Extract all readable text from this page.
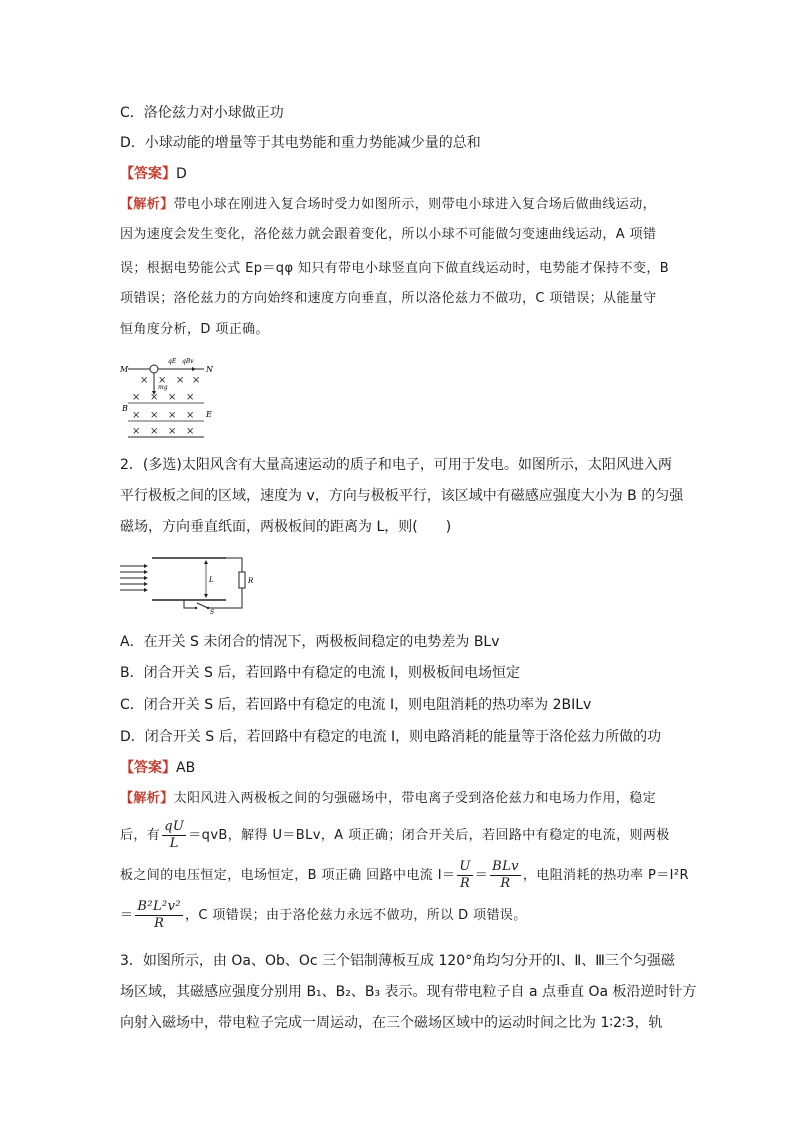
C．洛伦兹力对小球做正功
D．小球动能的增量等于其电势能和重力势能减少量的总和
【答案】D
【解析】带电小球在刚进入复合场时受力如图所示，则带电小球进入复合场后做曲线运动，
因为速度会发生变化，洛伦兹力就会跟着变化，所以小球不可能做匀变速曲线运动，A 项错
误；根据电势能公式 Ep＝qφ 知只有带电小球竖直向下做直线运动时，电势能才保持不变，B
项错误；洛伦兹力的方向始终和速度方向垂直，所以洛伦兹力不做功，C 项错误；从能量守
恒角度分析，D 项正确。
M	N
B
E
qE qBv
mg
× × × ×
× × × ×
× × × ×
× × × ×
2．(多选)太阳风含有大量高速运动的质子和电子，可用于发电。如图所示，太阳风进入两
平行极板之间的区域，速度为 v，方向与极板平行，该区域中有磁感应强度大小为 B 的匀强
磁场，方向垂直纸面，两极板间的距离为 L，则(　　)
L	R
S
A．在开关 S 未闭合的情况下，两极板间稳定的电势差为 BLv
B．闭合开关 S 后，若回路中有稳定的电流 I，则极板间电场恒定
C．闭合开关 S 后，若回路中有稳定的电流 I，则电阻消耗的热功率为 2BILv
D．闭合开关 S 后，若回路中有稳定的电流 I，则电路消耗的能量等于洛伦兹力所做的功
【答案】AB
【解析】太阳风进入两极板之间的匀强磁场中，带电离子受到洛伦兹力和电场力作用，稳定
后，有 $\frac{qU}{L} =qvB$，解得 U＝BLv，A 项正确；闭合开关后，若回路中有稳定的电流，则两极
板之间的电压恒定，电场恒定，B 项正确 回路中电流 $I= \frac{U}{R} = \frac{\text{BLv}}{R}$ ，电阻消耗的热功率 P＝I²R
＝ $\frac{\text{B²L²v²}}{R}$ ，C 项错误；由于洛伦兹力永远不做功，所以 D 项错误。
3．如图所示，由 Oa、Ob、Oc 三个铝制薄板互成 120°角均匀分开的Ⅰ、Ⅱ、Ⅲ三个匀强磁
场区域，其磁感应强度分别用 B₁、B₂、B₃ 表示。现有带电粒子自 a 点垂直 Oa 板沿逆时针方
向射入磁场中，带电粒子完成一周运动，在三个磁场区域中的运动时间之比为 1∶2∶3，轨
